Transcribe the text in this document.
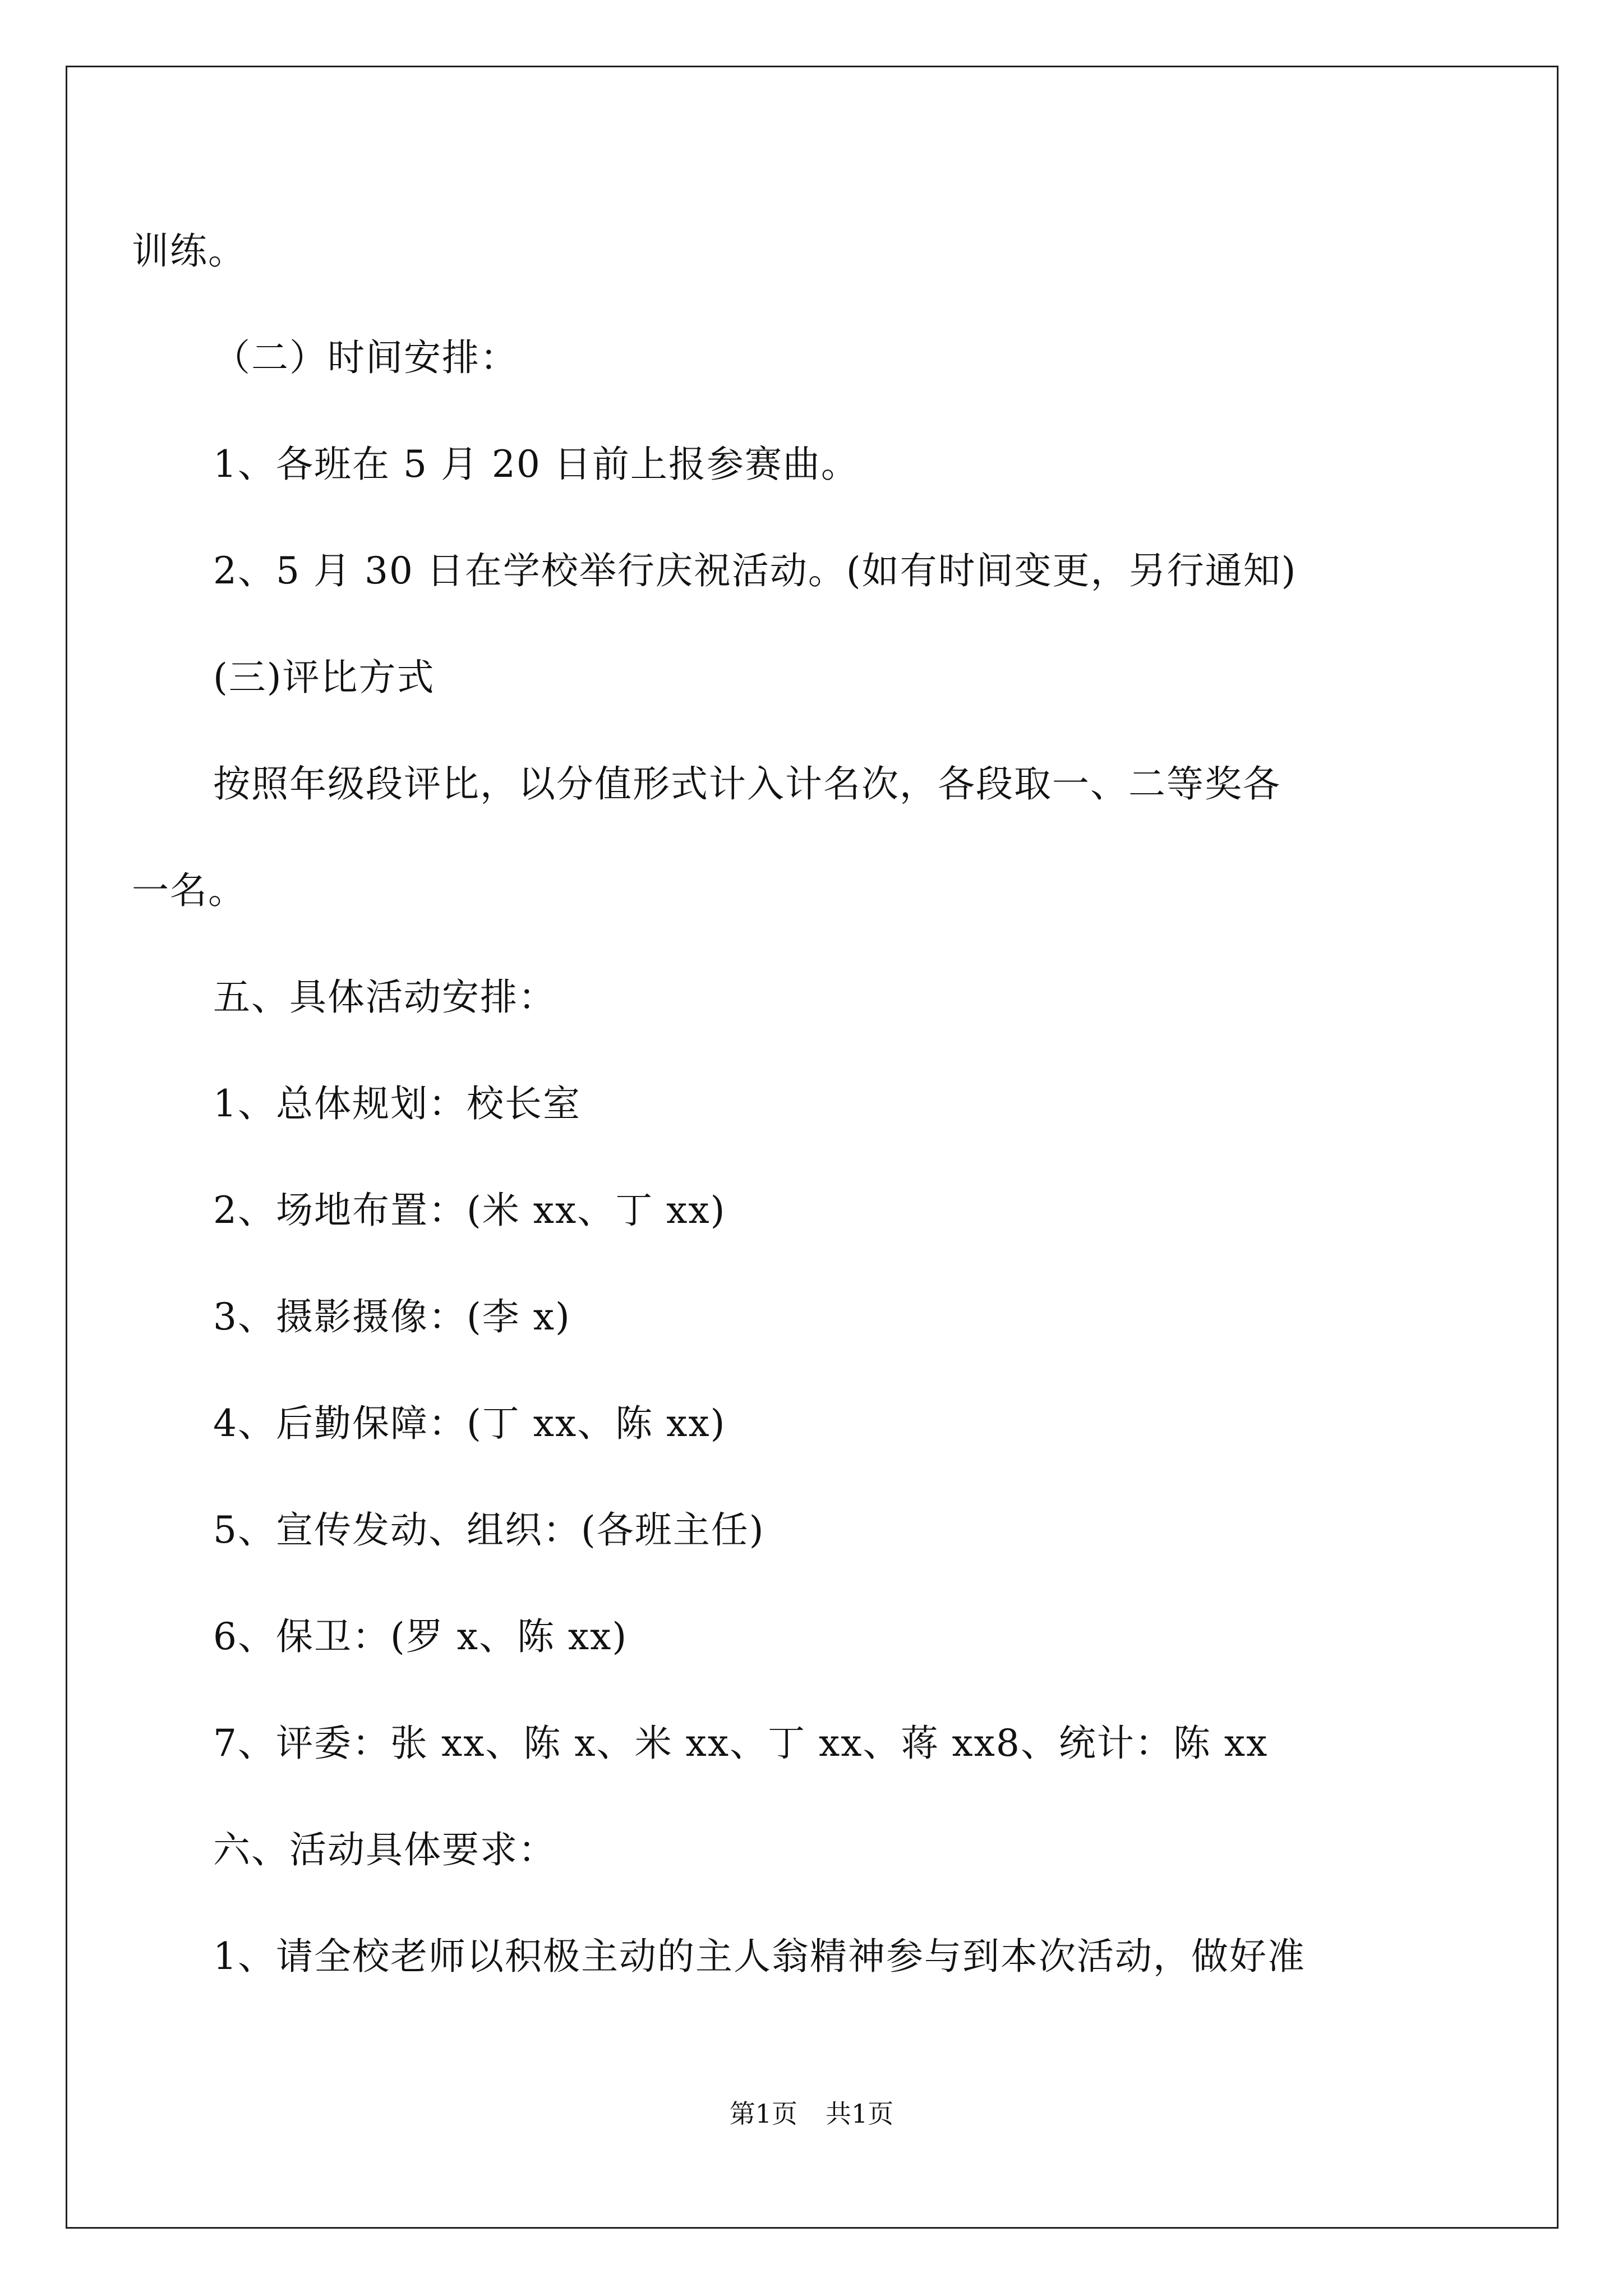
训练。
（二）时间安排：
1、各班在 5 月 20 日前上报参赛曲。
2、5 月 30 日在学校举行庆祝活动。(如有时间变更，另行通知)
(三)评比方式
按照年级段评比，以分值形式计入计名次，各段取一、二等奖各
一名。
五、具体活动安排：
1、总体规划：校长室
2、场地布置：(米 xx、丁 xx)
3、摄影摄像：(李 x)
4、后勤保障：(丁 xx、陈 xx)
5、宣传发动、组织：(各班主任)
6、保卫：(罗 x、陈 xx)
7、评委：张 xx、陈 x、米 xx、丁 xx、蒋 xx8、统计：陈 xx
六、活动具体要求：
1、请全校老师以积极主动的主人翁精神参与到本次活动，做好准
第1页 共1页
